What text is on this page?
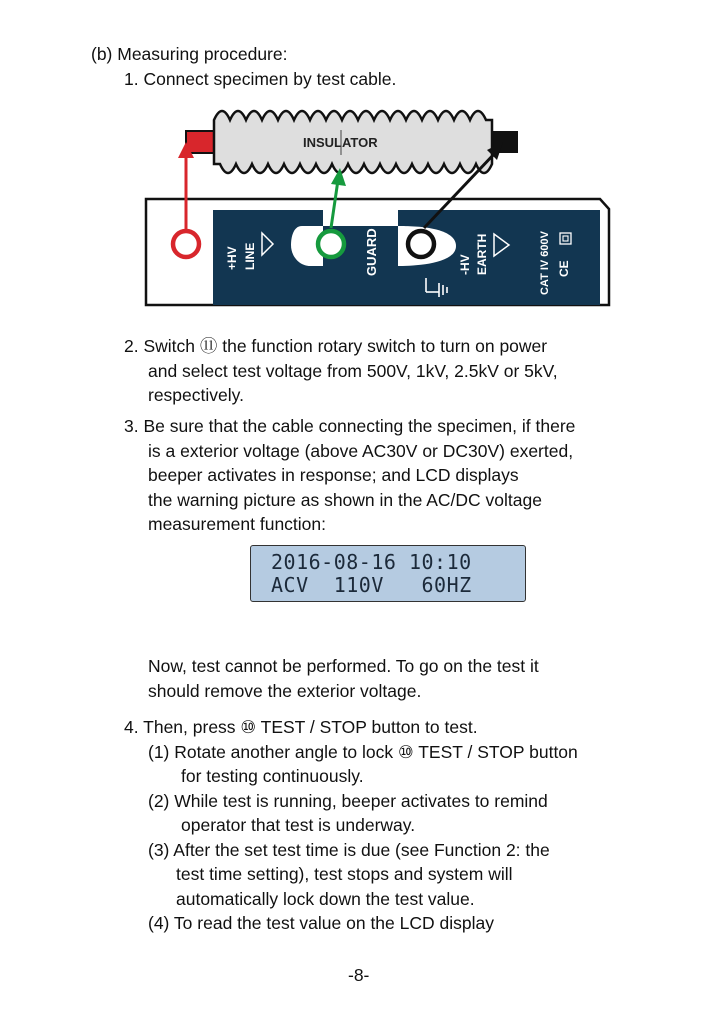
(b) Measuring procedure:
1. Connect specimen by test cable.
INSULATOR
+HV LINE	GUARD	-HV EARTH	CAT IV 600V CE
2. Switch ⑪ the function rotary switch to turn on power
and select test voltage from 500V, 1kV, 2.5kV or 5kV,
respectively.
3. Be sure that the cable connecting the specimen, if there
is a exterior voltage (above AC30V or DC30V) exerted,
beeper activates in response; and LCD displays
the warning picture as shown in the AC/DC voltage
measurement function:
2016-08-16 10:10
ACV  110V   60HZ
Now, test cannot be performed. To go on the test it
should remove the exterior voltage.
4. Then, press ⑩ TEST / STOP button to test.
(1) Rotate another angle to lock ⑩ TEST / STOP button
for testing continuously.
(2) While test is running, beeper activates to remind
operator that test is underway.
(3) After the set test time is due (see Function 2: the
test time setting), test stops and system will
automatically lock down the test value.
(4) To read the test value on the LCD display
-8-
